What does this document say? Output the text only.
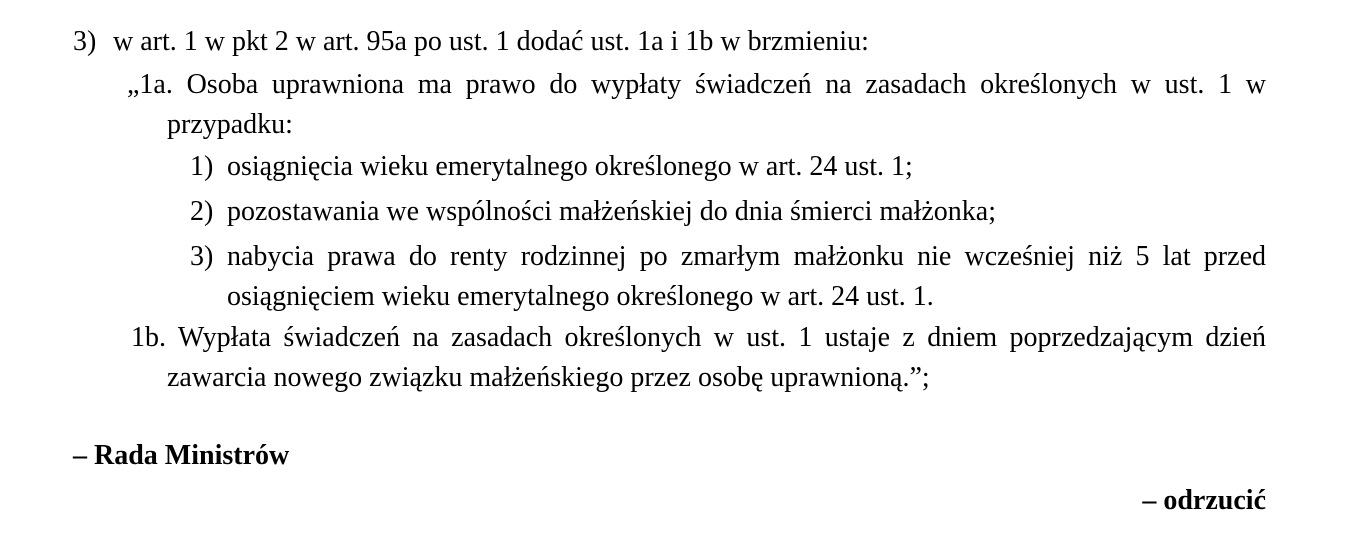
3) w art. 1 w pkt 2 w art. 95a po ust. 1 dodać ust. 1a i 1b w brzmieniu:
„1a. Osoba uprawniona ma prawo do wypłaty świadczeń na zasadach określonych w ust. 1 w przypadku:
1) osiągnięcia wieku emerytalnego określonego w art. 24 ust. 1;
2) pozostawania we wspólności małżeńskiej do dnia śmierci małżonka;
3) nabycia prawa do renty rodzinnej po zmarłym małżonku nie wcześniej niż 5 lat przed osiągnięciem wieku emerytalnego określonego w art. 24 ust. 1.
1b. Wypłata świadczeń na zasadach określonych w ust. 1 ustaje z dniem poprzedzającym dzień zawarcia nowego związku małżeńskiego przez osobę uprawnioną.”;
– Rada Ministrów
– odrzucić
